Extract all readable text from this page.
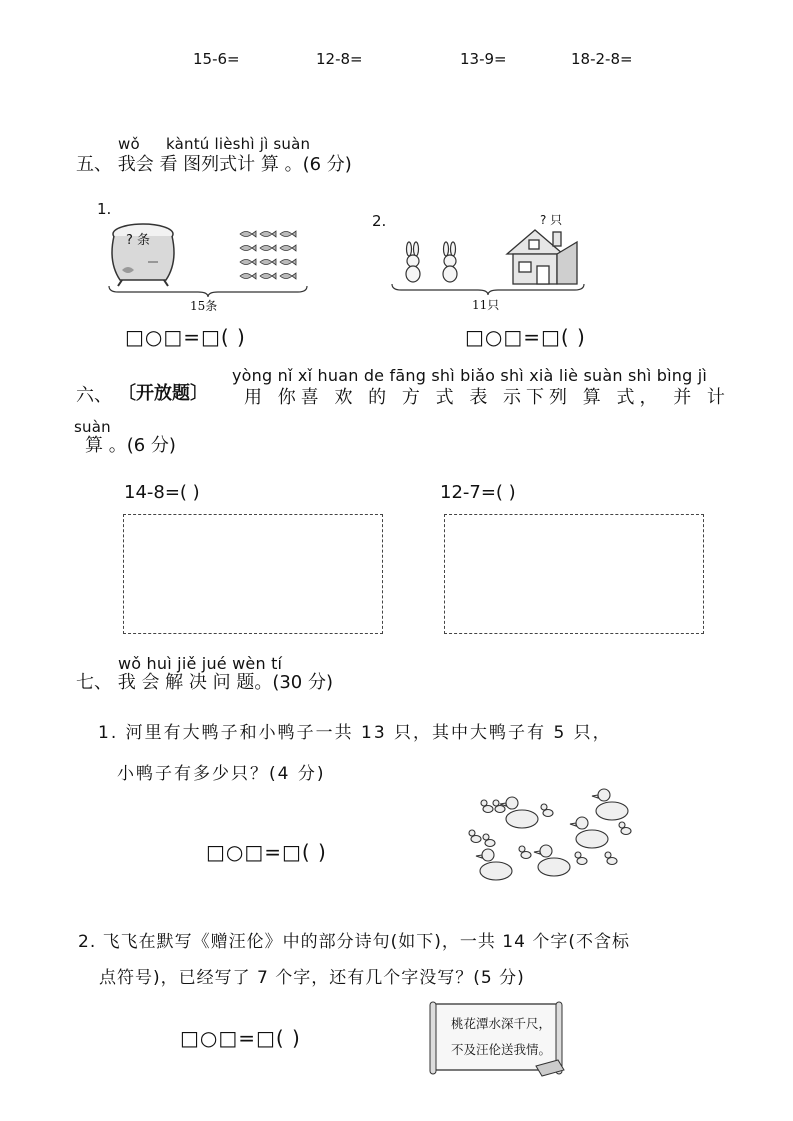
15-6=	12-8=	13-9=	18-2-8=
wǒ kàntú lièshì jì suàn
五、 我会 看 图列式计 算 。(6 分)
1.
? 条
15条
2.	? 只
11只
□○□=□( )	□○□=□( )
yòng nǐ xǐ huan de fāng shì biǎo shì xià liè suàn shì bìng jì
六、 〔开放题〕 用 你喜 欢 的 方 式 表 示下列 算 式， 并 计
suàn
算 。(6 分)
14-8=( )	12-7=( )
wǒ huì jiě jué wèn tí
七、 我 会 解 决 问 题。(30 分)
1. 河里有大鸭子和小鸭子一共 13 只，其中大鸭子有 5 只，
小鸭子有多少只？(4 分)
□○□=□( )
2. 飞飞在默写《赠汪伦》中的部分诗句(如下)，一共 14 个字(不含标
点符号)，已经写了 7 个字，还有几个字没写？(5 分)
□○□=□( )
桃花潭水深千尺，
不及汪伦送我情。
